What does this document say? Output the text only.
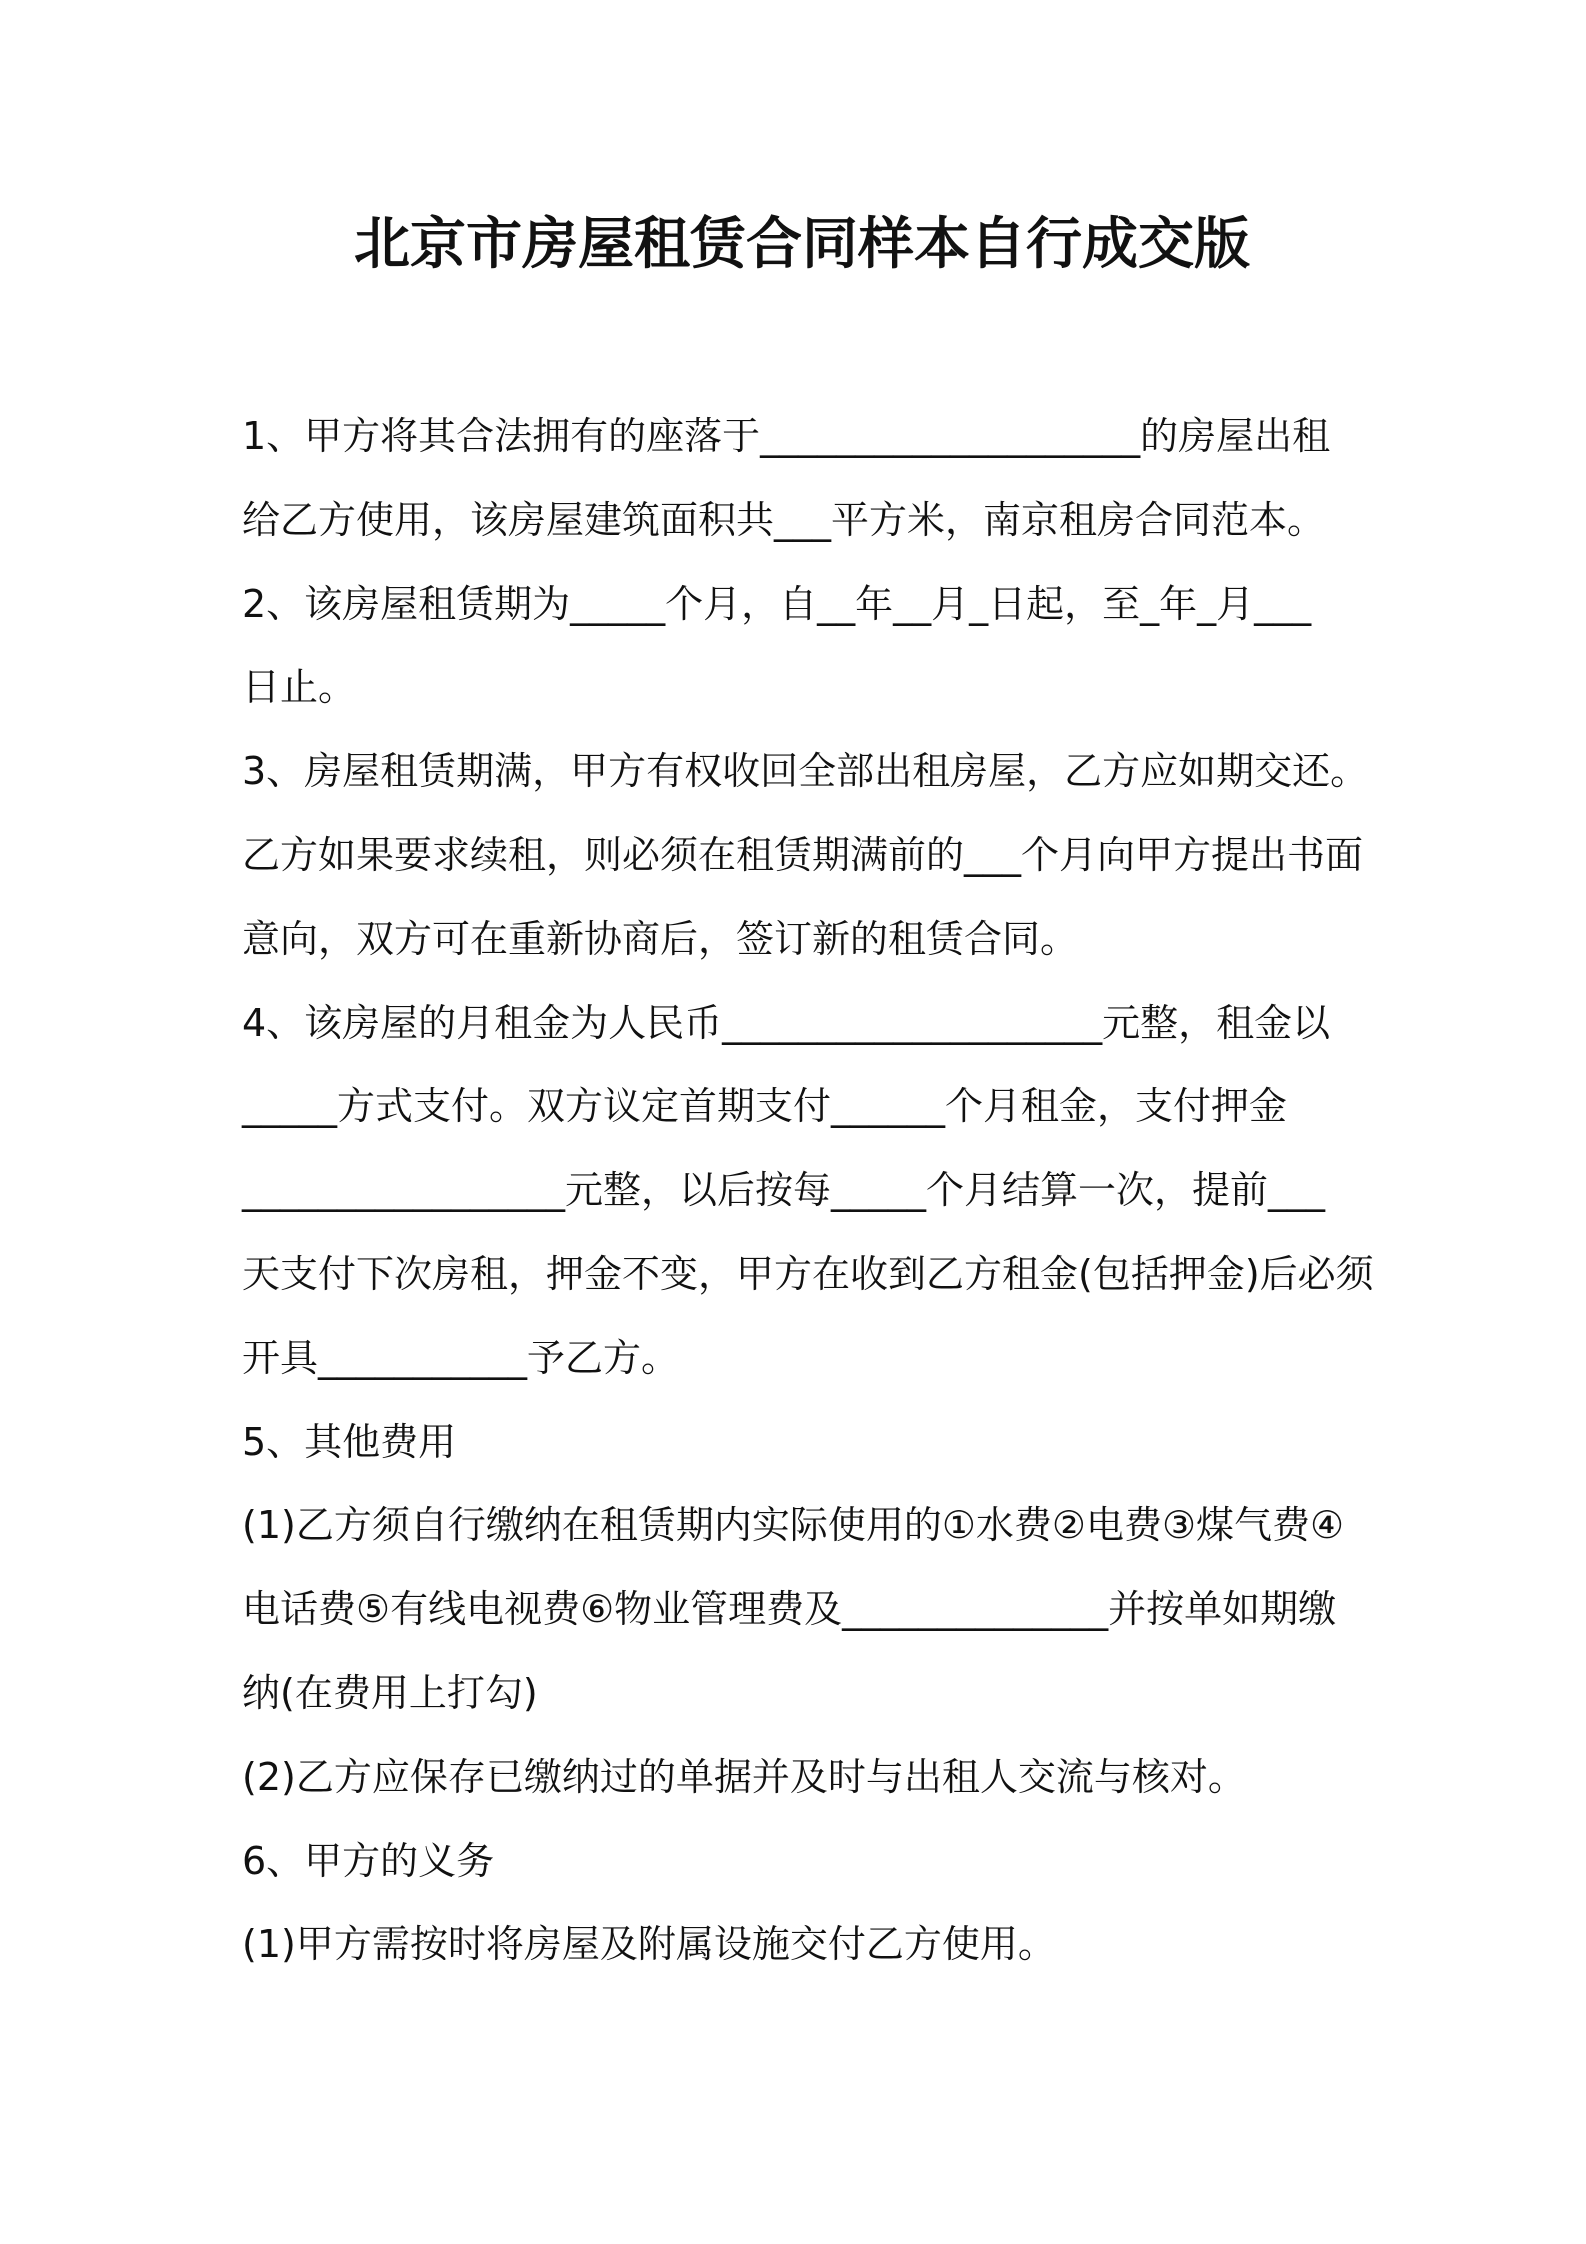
北京市房屋租赁合同样本自行成交版
1、甲方将其合法拥有的座落于____________________的房屋出租
给乙方使用，该房屋建筑面积共___平方米，南京租房合同范本。
2、该房屋租赁期为_____个月，自__年__月_日起，至_年_月___
日止。
3、房屋租赁期满，甲方有权收回全部出租房屋，乙方应如期交还。
乙方如果要求续租，则必须在租赁期满前的___个月向甲方提出书面
意向，双方可在重新协商后，签订新的租赁合同。
4、该房屋的月租金为人民币____________________元整，租金以
_____方式支付。双方议定首期支付______个月租金，支付押金
_________________元整，以后按每_____个月结算一次，提前___
天支付下次房租，押金不变，甲方在收到乙方租金(包括押金)后必须
开具___________予乙方。
5、其他费用
(1)乙方须自行缴纳在租赁期内实际使用的①水费②电费③煤气费④
电话费⑤有线电视费⑥物业管理费及______________并按单如期缴
纳(在费用上打勾)
(2)乙方应保存已缴纳过的单据并及时与出租人交流与核对。
6、甲方的义务
(1)甲方需按时将房屋及附属设施交付乙方使用。
